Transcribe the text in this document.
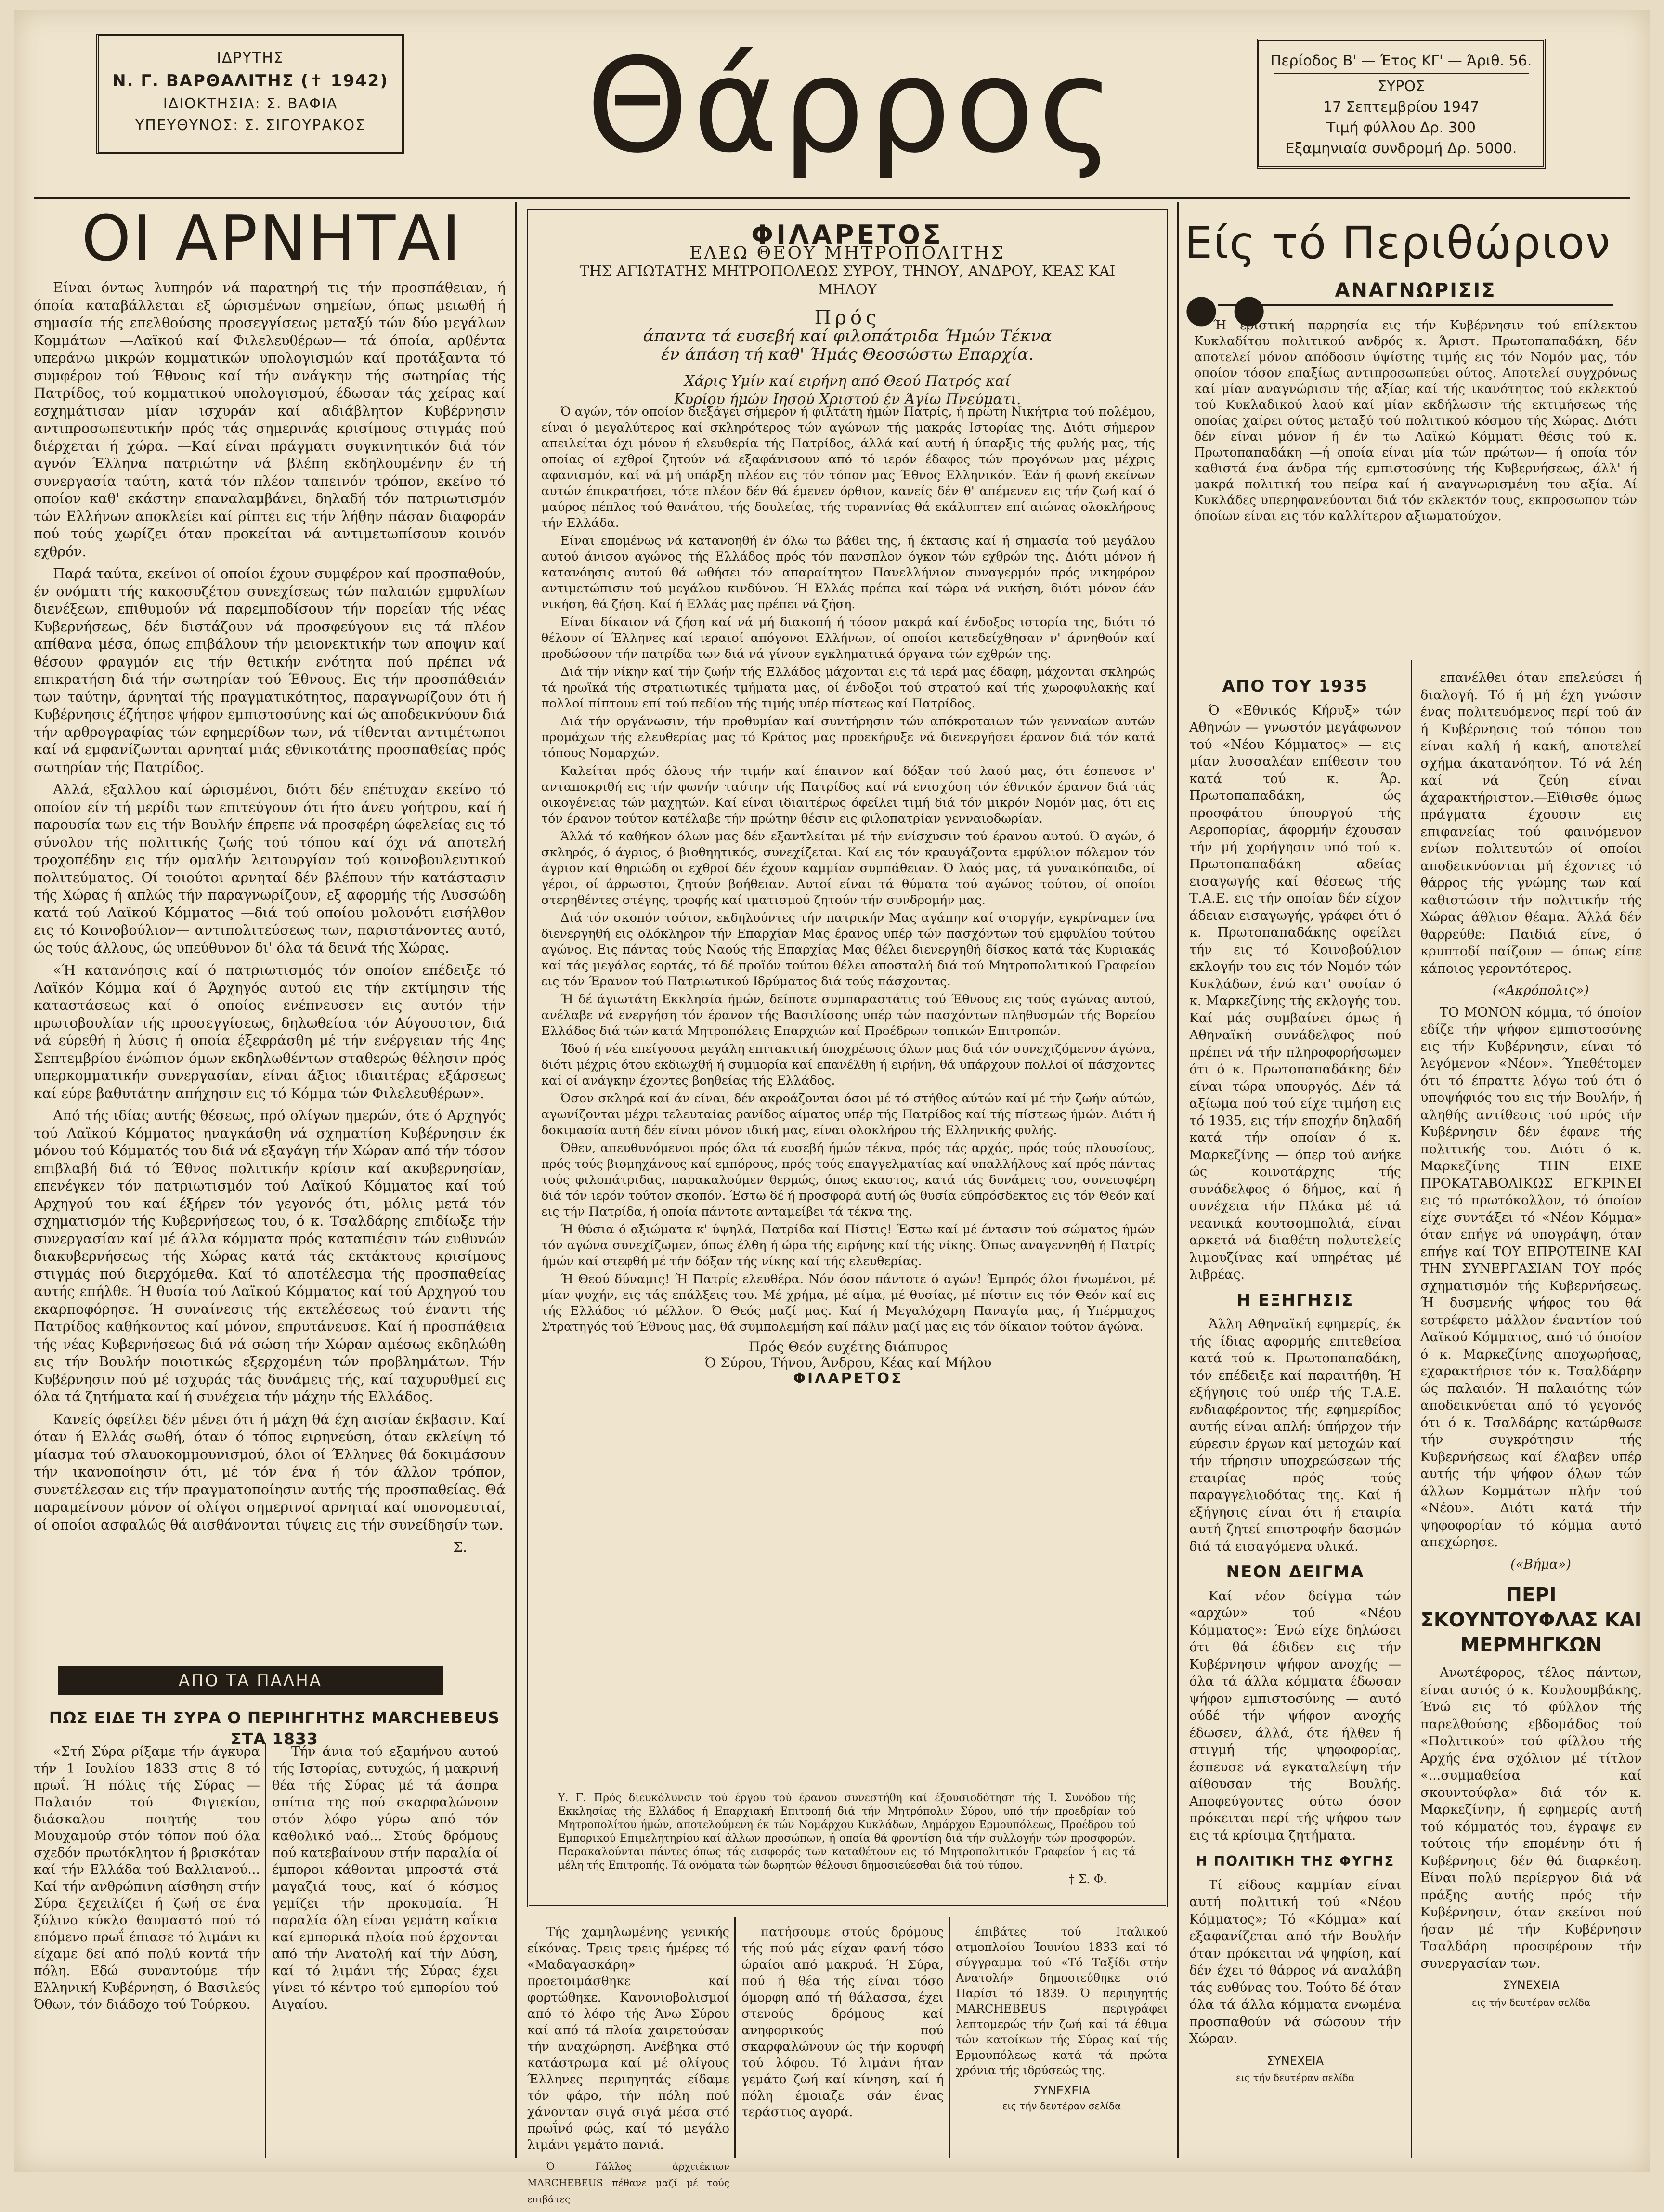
ΙΔΡΥΤΗΣ
Ν. Γ. ΒΑΡΘΑΛΙΤΗΣ (✝ 1942)
ΙΔΙΟΚΤΗΣΙΑ: Σ. ΒΑΦΙΑ
ΥΠΕΥΘΥΝΟΣ: Σ. ΣΙΓΟΥΡΑΚΟΣ	Θάρρος	Περίοδος Β' — Έτος ΚΓ' — Άριθ. 56.
ΣΥΡΟΣ
17 Σεπτεμβρίου 1947
Τιμή φύλλου Δρ. 300
Εξαμηνιαία συνδρομή Δρ. 5000.
ΟΙ ΑΡΝΗΤΑΙ

Είναι όντως λυπηρόν νά παρατηρή τις τήν προσπάθειαν, ή όποία καταβάλλεται εξ ώρισμένων σημείων, όπως μειωθή ή σημασία τής επελθούσης προσεγγίσεως μεταξύ τών δύο μεγάλων Κομμάτων —Λαϊκού καί Φιλελευθέρων— τά όποία, αρθέντα υπεράνω μικρών κομματικών υπολογισμών καί προτάξαντα τό συμφέρον τού Έθνους καί τήν ανάγκην τής σωτηρίας τής Πατρίδος, τού κομματικού υπολογισμού, έδωσαν τάς χείρας καί εσχημάτισαν μίαν ισχυράν καί αδιάβλητον Κυβέρνησιν αντιπροσωπευτικήν πρός τάς σημερινάς κρισίμους στιγμάς πού διέρχεται ή χώρα. —Καί είναι πράγματι συγκινητικόν διά τόν αγνόν Έλληνα πατριώτην νά βλέπη εκδηλουμένην έν τή συνεργασία ταύτη, κατά τόν πλέον ταπεινόν τρόπον, εκείνο τό οποίον καθ' εκάστην επαναλαμβάνει, δηλαδή τόν πατριωτισμόν τών Ελλήνων αποκλείει καί ρίπτει εις τήν λήθην πάσαν διαφοράν πού τούς χωρίζει όταν προκείται νά αντιμετωπίσουν κοινόν εχθρόν.

Παρά ταύτα, εκείνοι οί οποίοι έχουν συμφέρον καί προσπαθούν, έν ονόματι τής κακοσυζέτου συνεχίσεως τών παλαιών εμφυλίων διενέξεων, επιθυμούν νά παρεμποδίσουν τήν πορείαν τής νέας Κυβερνήσεως, δέν διστάζουν νά προσφεύγουν εις τά πλέον απίθανα μέσα, όπως επιβάλουν τήν μειονεκτικήν των αποψιν καί θέσουν φραγμόν εις τήν θετικήν ενότητα πού πρέπει νά επικρατήση διά τήν σωτηρίαν τού Έθνους. Εις τήν προσπάθειάν των ταύτην, άρνηταί τής πραγματικότητος, παραγνωρίζουν ότι ή Κυβέρνησις έζήτησε ψήφον εμπιστοσύνης καί ώς αποδεικνύουν διά τήν αρθρογραφίας τών εφημερίδων των, νά τίθενται αντιμέτωποι καί νά εμφανίζωνται αρνηταί μιάς εθνικοτάτης προσπαθείας πρός σωτηρίαν τής Πατρίδος.

Αλλά, εξαλλου καί ώρισμένοι, διότι δέν επέτυχαν εκείνο τό οποίον είν τή μερίδι των επιτεύγουν ότι ήτο άνευ γοήτρου, καί ή παρουσία των εις τήν Βουλήν έπρεπε νά προσφέρη ώφελείας εις τό σύνολον τής πολιτικής ζωής τού τόπου καί όχι νά αποτελή τροχοπέδην εις τήν ομαλήν λειτουργίαν τού κοινοβουλευτικού πολιτεύματος. Οί τοιούτοι αρνηταί δέν βλέπουν τήν κατάστασιν τής Χώρας ή απλώς τήν παραγνωρίζουν, εξ αφορμής τής Λυσσώδη κατά τού Λαϊκού Κόμματος —διά τού οποίου μολονότι εισήλθον εις τό Κοινοβούλιον— αντιπολιτεύσεως των, παριστάνοντες αυτό, ώς τούς άλλους, ώς υπεύθυνον δι' όλα τά δεινά τής Χώρας.

«Ή κατανόησις καί ό πατριωτισμός τόν οποίον επέδειξε τό Λαϊκόν Κόμμα καί ό Άρχηγός αυτού εις τήν εκτίμησιν τής καταστάσεως καί ό οποίος ενέπνευσεν εις αυτόν τήν πρωτοβουλίαν τής προσεγγίσεως, δηλωθείσα τόν Αύγουστον, διά νά εύρεθή ή λύσις ή οποία έξεφράσθη μέ τήν ενέργειαν τής 4ης Σεπτεμβρίου ένώπιον όμων εκδηλωθέντων σταθερώς θέλησιν πρός υπερκομματικήν συνεργασίαν, είναι άξιος ιδιαιτέρας εξάρσεως καί εύρε βαθυτάτην απήχησιν εις τό Κόμμα τών Φιλελευθέρων».

Από τής ιδίας αυτής θέσεως, πρό ολίγων ημερών, ότε ό Αρχηγός τού Λαϊκού Κόμματος ηναγκάσθη νά σχηματίση Κυβέρνησιν έκ μόνου τού Κόμματός του διά νά εξαγάγη τήν Χώραν από τήν τόσον επιβλαβή διά τό Έθνος πολιτικήν κρίσιν καί ακυβερνησίαν, επενέγκεν τόν πατριωτισμόν τού Λαϊκού Κόμματος καί τού Αρχηγού του καί έξήρεν τόν γεγονός ότι, μόλις μετά τόν σχηματισμόν τής Κυβερνήσεως του, ό κ. Τσαλδάρης επιδίωξε τήν συνεργασίαν καί μέ άλλα κόμματα πρός καταπιέσιν τών ευθυνών διακυβερνήσεως τής Χώρας κατά τάς εκτάκτους κρισίμους στιγμάς πού διερχόμεθα. Καί τό αποτέλεσμα τής προσπαθείας αυτής επήλθε. Ή θυσία τού Λαϊκού Κόμματος καί τού Αρχηγού του εκαρποφόρησε. Ή συναίνεσις τής εκτελέσεως τού έναντι τής Πατρίδος καθήκοντος καί μόνον, επρυτάνευσε. Καί ή προσπάθεια τής νέας Κυβερνήσεως διά νά σώση τήν Χώραν αμέσως εκδηλώθη εις τήν Βουλήν ποιοτικώς εξερχομένη τών προβλημάτων. Τήν Κυβέρνησιν πού μέ ισχυράς τάς δυνάμεις τής, καί ταχυρυθμεί εις όλα τά ζητήματα καί ή συνέχεια τήν μάχην τής Ελλάδος.

Κανείς όφείλει δέν μένει ότι ή μάχη θά έχη αισίαν έκβασιν. Καί όταν ή Ελλάς σωθή, όταν ό τόπος ειρηνεύση, όταν εκλείψη τό μίασμα τού σλαυοκομμουνισμού, όλοι οί Έλληνες θά δοκιμάσουν τήν ικανοποίησιν ότι, μέ τόν ένα ή τόν άλλον τρόπον, συνετέλεσαν εις τήν πραγματοποίησιν αυτής τής προσπαθείας. Θά παραμείνουν μόνον οί ολίγοι σημερινοί αρνηταί καί υπονομευταί, οί οποίοι ασφαλώς θά αισθάνονται τύψεις εις τήν συνείδησίν των.

Σ.
ΑΠΟ ΤΑ ΠΑΛΗΑ
ΠΩΣ ΕΙΔΕ ΤΗ ΣΥΡΑ Ο ΠΕΡΙΗΓΗΤΗΣ MARCHEBEUS ΣΤΑ 1833

«Στή Σύρα ρίξαμε τήν άγκυρα τήν 1 Ιουλίου 1833 στις 8 τό πρωΐ. Ή πόλις τής Σύρας —Παλαιόν τού Φιγιεκίου, διάσκαλου ποιητής του Μουχαμούρ στόν τόπον πού όλα σχεδόν πρωτόκλητον ή βρισκόταν καί τήν Ελλάδα τού Βαλλιανού... Καί τήν ανθρώπινη αίσθηση στήν Σύρα ξεχειλίζει ή ζωή σε ένα ξύλινο κύκλο θαυμαστό πού τό επόμενο πρωΐ έπιασε τό λιμάνι κι είχαμε δεί από πολύ κοντά τήν πόλη. Εδώ συναντούμε τήν Ελληνική Κυβέρνηση, ό Βασιλεύς Όθων, τόν διάδοχο τού Τούρκου.

Τήν άνια τού εξαμήνου αυτού τής Ιστορίας, ευτυχώς, ή μακρινή θέα τής Σύρας μέ τά άσπρα σπίτια της πού σκαρφαλώνουν στόν λόφο γύρω από τόν καθολικό ναό... Στούς δρόμους πού κατεβαίνουν στήν παραλία οί έμποροι κάθονται μπροστά στά μαγαζιά τους, καί ό κόσμος γεμίζει τήν προκυμαία. Ή παραλία όλη είναι γεμάτη καΐκια καί εμπορικά πλοία πού έρχονται από τήν Ανατολή καί τήν Δύση, καί τό λιμάνι τής Σύρας έχει γίνει τό κέντρο τού εμπορίου τού Αιγαίου.

ΦΙΛΑΡΕΤΟΣ
ΕΛΕΩ ΘΕΟΥ ΜΗΤΡΟΠΟΛΙΤΗΣ
ΤΗΣ ΑΓΙΩΤΑΤΗΣ ΜΗΤΡΟΠΟΛΕΩΣ ΣΥΡΟΥ, ΤΗΝΟΥ, ΑΝΔΡΟΥ, ΚΕΑΣ ΚΑΙ ΜΗΛΟΥ
Πρός
άπαντα τά ευσεβή καί φιλοπάτριδα Ήμών Τέκνα
έν άπάση τή καθ' Ήμάς Θεοσώστω Επαρχία.
Χάρις Υμίν καί ειρήνη από Θεού Πατρός καί
Κυρίου ήμών Ιησού Χριστού έν Άγίω Πνεύματι.

Ό αγών, τόν οποίον διεξάγει σήμερον ή φιλτάτη ήμών Πατρίς, ή πρώτη Νικήτρια τού πολέμου, είναι ό μεγαλύτερος καί σκληρότερος τών αγώνων τής μακράς Ιστορίας της. Διότι σήμερον απειλείται όχι μόνον ή ελευθερία τής Πατρίδος, άλλά καί αυτή ή ύπαρξις τής φυλής μας, τής οποίας οί εχθροί ζητούν νά εξαφάνισουν από τό ιερόν έδαφος τών προγόνων μας μέχρις αφανισμόν, καί νά μή υπάρξη πλέον εις τόν τόπον μας Έθνος Ελληνικόν. Έάν ή φωνή εκείνων αυτών έπικρατήσει, τότε πλέον δέν θά έμενεν όρθιον, κανείς δέν θ' απέμενεν εις τήν ζωή καί ό μαύρος πέπλος τού θανάτου, τής δουλείας, τής τυραννίας θά εκάλυπτεν επί αιώνας ολοκλήρους τήν Ελλάδα.

Είναι επομένως νά κατανοηθή έν όλω τω βάθει της, ή έκτασις καί ή σημασία τού μεγάλου αυτού άνισου αγώνος τής Ελλάδος πρός τόν πανσπλον όγκον τών εχθρών της. Διότι μόνον ή κατανόησις αυτού θά ωθήσει τόν απαραίτητον Πανελλήνιον συναγερμόν πρός νικηφόρον αντιμετώπισιν τού μεγάλου κινδύνου. Ή Ελλάς πρέπει καί τώρα νά νικήση, διότι μόνον έάν νικήση, θά ζήση. Καί ή Ελλάς μας πρέπει νά ζήση.

Είναι δίκαιον νά ζήση καί νά μή διακοπή ή τόσον μακρά καί ένδοξος ιστορία της, διότι τό θέλουν οί Έλληνες καί ιεραιοί απόγονοι Ελλήνων, οί οποίοι κατεδείχθησαν ν' άρνηθούν καί προδώσουν τήν πατρίδα των διά νά γίνουν εγκληματικά όργανα τών εχθρών της.

Διά τήν νίκην καί τήν ζωήν τής Ελλάδος μάχονται εις τά ιερά μας έδαφη, μάχονται σκληρώς τά ηρωϊκά τής στρατιωτικές τμήματα μας, οί ένδοξοι τού στρατού καί τής χωροφυλακής καί πολλοί πίπτουν επί τού πεδίου τής τιμής υπέρ πίστεως καί Πατρίδος.

Διά τήν οργάνωσιν, τήν προθυμίαν καί συντήρησιν τών απόκροταιων τών γενναίων αυτών προμάχων τής ελευθερίας μας τό Κράτος μας προεκήρυξε νά διενεργήσει έρανον διά τόν κατά τόπους Νομαρχών.

Καλείται πρός όλους τήν τιμήν καί έπαινον καί δόξαν τού λαού μας, ότι έσπευσε ν' ανταποκριθή εις τήν φωνήν ταύτην τής Πατρίδος καί νά ενισχύση τόν έθνικόν έρανον διά τάς οικογένειας τών μαχητών. Καί είναι ιδιαιτέρως όφείλει τιμή διά τόν μικρόν Νομόν μας, ότι εις τόν έρανον τούτον κατέλαβε τήν πρώτην θέσιν εις φιλοπατρίαν γενναιοδωρίαν.

Άλλά τό καθήκον όλων μας δέν εξαντλείται μέ τήν ενίσχυσιν τού έρανου αυτού. Ό αγών, ό σκληρός, ό άγριος, ό βιοθηητικός, συνεχίζεται. Καί εις τόν κραυγάζοντα εμφύλιον πόλεμον τόν άγριον καί θηριώδη οι εχθροί δέν έχουν καμμίαν συμπάθειαν. Ό λαός μας, τά γυναικόπαιδα, οί γέροι, οί άρρωστοι, ζητούν βοήθειαν. Αυτοί είναι τά θύματα τού αγώνος τούτου, οί οποίοι στερηθέντες στέγης, τροφής καί ιματισμού ζητούν τήν συνδρομήν μας.

Διά τόν σκοπόν τούτον, εκδηλούντες τήν πατρικήν Μας αγάπην καί στοργήν, εγκρίναμεν ίνα διενεργηθή εις ολόκληρον τήν Επαρχίαν Μας έρανος υπέρ τών πασχόντων τού εμφυλίου τούτου αγώνος. Εις πάντας τούς Ναούς τής Επαρχίας Μας θέλει διενεργηθή δίσκος κατά τάς Κυριακάς καί τάς μεγάλας εορτάς, τό δέ προϊόν τούτου θέλει αποσταλή διά τού Μητροπολιτικού Γραφείου εις τόν Έρανον τού Πατριωτικού Ιδρύματος διά τούς πάσχοντας.

Ή δέ άγιωτάτη Εκκλησία ήμών, δείποτε συμπαραστάτις τού Έθνους εις τούς αγώνας αυτού, ανέλαβε νά ενεργήση τόν έρανον τής Βασιλίσσης υπέρ τών πασχόντων πληθυσμών τής Βορείου Ελλάδος διά τών κατά Μητροπόλεις Επαρχιών καί Προέδρων τοπικών Επιτροπών.

Ίδού ή νέα επείγουσα μεγάλη επιτακτική ύποχρέωσις όλων μας διά τόν συνεχιζόμενον άγώνα, διότι μέχρις ότου εκδιωχθή ή συμμορία καί επανέλθη ή ειρήνη, θά υπάρχουν πολλοί οί πάσχοντες καί οί ανάγκην έχοντες βοηθείας τής Ελλάδος.

Όσον σκληρά καί άν είναι, δέν ακροάζονται όσοι μέ τό στήθος αύτών καί μέ τήν ζωήν αύτών, αγωνίζονται μέχρι τελευταίας ρανίδος αίματος υπέρ τής Πατρίδος καί τής πίστεως ήμών. Διότι ή δοκιμασία αυτή δέν είναι μόνον ιδική μας, είναι ολοκλήρου τής Ελληνικής φυλής.

Όθεν, απευθυνόμενοι πρός όλα τά ευσεβή ήμών τέκνα, πρός τάς αρχάς, πρός τούς πλουσίους, πρός τούς βιομηχάνους καί εμπόρους, πρός τούς επαγγελματίας καί υπαλλήλους καί πρός πάντας τούς φιλοπάτριδας, παρακαλούμεν θερμώς, όπως εκαστος, κατά τάς δυνάμεις του, συνεισφέρη διά τόν ιερόν τούτον σκοπόν. Έστω δέ ή προσφορά αυτή ώς θυσία εύπρόσδεκτος εις τόν Θεόν καί εις τήν Πατρίδα, ή οποία πάντοτε ανταμείβει τά τέκνα της.

Ή θύσια ό αξιώματα κ' ύψηλά, Πατρίδα καί Πίστις! Έστω καί μέ έντασιν τού σώματος ήμών τόν αγώνα συνεχίζωμεν, όπως έλθη ή ώρα τής ειρήνης καί τής νίκης. Όπως αναγεννηθή ή Πατρίς ήμών καί στεφθή μέ τήν δόξαν τής νίκης καί τής ελευθερίας.

Ή Θεού δύναμις! Ή Πατρίς ελευθέρα. Νόν όσον πάντοτε ό αγών! Έμπρός όλοι ήνωμένοι, μέ μίαν ψυχήν, εις τάς επάλξεις του. Μέ χρήμα, μέ αίμα, μέ θυσίας, μέ πίστιν εις τόν Θεόν καί εις τής Ελλάδος τό μέλλον. Ό Θεός μαζί μας. Καί ή Μεγαλόχαρη Παναγία μας, ή Υπέρμαχος Στρατηγός τού Έθνους μας, θά συμπολεμήση καί πάλιν μαζί μας εις τόν δίκαιον τούτον άγώνα.

Πρός Θεόν ευχέτης διάπυρος
Ό Σύρου, Τήνου, Άνδρου, Κέας καί Μήλου
ΦΙΛΑΡΕΤΟΣ
Υ. Γ. Πρός διευκόλυνσιν τού έργου τού έρανου συνεστήθη καί έξουσιοδότηση τής Ί. Συνόδου τής Εκκλησίας τής Ελλάδος ή Επαρχιακή Επιτροπή διά τήν Μητρόπολιν Σύρου, υπό τήν προεδρίαν τού Μητροπολίτου ήμών, αποτελούμενη έκ τών Νομάρχου Κυκλάδων, Δημάρχου Ερμουπόλεως, Προέδρου τού Εμπορικού Επιμελητηρίου καί άλλων προσώπων, ή οποία θά φροντίση διά τήν συλλογήν τών προσφορών. Παρακαλούνται πάντες όπως τάς εισφοράς των καταθέτουν εις τό Μητροπολιτικόν Γραφείον ή εις τά μέλη τής Επιτροπής. Τά ονόματα τών δωρητών θέλουσι δημοσιεύεσθαι διά τού τύπου.
† Σ. Φ.

Τής χαμηλωμένης γενικής είκόνας. Τρεις τρεις ήμέρες τό «Μαδαγασκάρη» προετοιμάσθηκε καί φορτώθηκε. Κανονιοβολισμοί από τό λόφο τής Άνω Σύρου καί από τά πλοία χαιρετούσαν τήν αναχώρηση. Ανέβηκα στό κατάστρωμα καί μέ ολίγους Έλληνες περιηγητάς είδαμε τόν φάρο, τήν πόλη πού χάνονταν σιγά σιγά μέσα στό πρωΐνό φώς, καί τό μεγάλο λιμάνι γεμάτο πανιά.

Ό Γάλλος άρχιτέκτων MARCHEBEUS πέθανε μαζί μέ τούς επιβάτες

πατήσουμε στούς δρόμους τής πού μάς είχαν φανή τόσο ώραίοι από μακρυά. Ή Σύρα, πού ή θέα τής είναι τόσο όμορφη από τή θάλασσα, έχει στενούς δρόμους καί ανηφορικούς πού σκαρφαλώνουν ώς τήν κορυφή τού λόφου. Τό λιμάνι ήταν γεμάτο ζωή καί κίνηση, καί ή πόλη έμοιαζε σάν ένας τεράστιος αγορά.

έπιβάτες τού Ιταλικού ατμοπλοίου Ίουνίου 1833 καί τό σύγγραμμα τού «Τό Ταξίδι στήν Ανατολή» δημοσιεύθηκε στό Παρίσι τό 1839. Ό περιηγητής MARCHEBEUS περιγράφει λεπτομερώς τήν ζωή καί τά έθιμα τών κατοίκων τής Σύρας καί τής Ερμουπόλεως κατά τά πρώτα χρόνια τής ιδρύσεώς της.

ΣΥΝΕΧΕΙΑ
εις τήν δευτέραν σελίδα
Είς τό Περιθώριον ● ●	ΑΝΑΓΝΩΡΙΣΙΣ

Ή ερίστική παρρησία εις τήν Κυβέρνησιν τού επίλεκτου Κυκλαδίτου πολιτικού ανδρός κ. Άριστ. Πρωτοπαπαδάκη, δέν αποτελεί μόνον απόδοσιν ύψίστης τιμής εις τόν Νομόν μας, τόν οποίον τόσον επαξίως αντιπροσωπεύει ούτος. Αποτελεί συγχρόνως καί μίαν αναγνώρισιν τής αξίας καί τής ικανότητος τού εκλεκτού τού Κυκλαδικού λαού καί μίαν εκδήλωσιν τής εκτιμήσεως τής οποίας χαίρει ούτος μεταξύ τού πολιτικού κόσμου τής Χώρας. Διότι δέν είναι μόνον ή έν τω Λαϊκώ Κόμματι θέσις τού κ. Πρωτοπαπαδάκη —ή οποία είναι μία τών πρώτων— ή οποία τόν καθιστά ένα άνδρα τής εμπιστοσύνης τής Κυβερνήσεως, άλλ' ή μακρά πολιτική του πείρα καί ή αναγνωρισμένη του αξία. Αί Κυκλάδες υπερηφανεύονται διά τόν εκλεκτόν τους, εκπροσωπον τών όποίων είναι εις τόν καλλίτερον αξιωματούχον.

ΑΠΟ ΤΟΥ 1935

Ό «Εθνικός Κήρυξ» τών Αθηνών — γνωστόν μεγάφωνον τού «Νέου Κόμματος» — εις μίαν λυσσαλέαν επίθεσιν του κατά τού κ. Άρ. Πρωτοπαπαδάκη, ώς προσφάτου ύπουργού τής Αεροπορίας, άφορμήν έχουσαν τήν μή χορήγησιν υπό τού κ. Πρωτοπαπαδάκη αδείας εισαγωγής καί θέσεως τής Τ.Α.Ε. εις τήν οποίαν δέν είχον άδειαν εισαγωγής, γράφει ότι ό κ. Πρωτοπαπαδάκης οφείλει τήν εις τό Κοινοβούλιον εκλογήν του εις τόν Νομόν τών Κυκλάδων, ένώ κατ' ουσίαν ό κ. Μαρκεζίνης τής εκλογής του. Καί μάς συμβαίνει όμως ή Αθηναϊκή συνάδελφος πού πρέπει νά τήν πληροφορήσωμεν ότι ό κ. Πρωτοπαπαδάκης δέν είναι τώρα υπουργός. Δέν τά αξίωμα πού τού είχε τιμήση εις τό 1935, εις τήν εποχήν δηλαδή κατά τήν οποίαν ό κ. Μαρκεζίνης — όπερ τού ανήκε ώς κοινοτάρχης τής συνάδελφος ό δήμος, καί ή συνέχεια τήν Πλάκα μέ τά νεανικά κουτσομπολιά, είναι αρκετά νά διαθέτη πολυτελείς λιμουζίνας καί υπηρέτας μέ λιβρέας.

Η ΕΞΗΓΗΣΙΣ

Άλλη Αθηναϊκή εφημερίς, έκ τής ίδιας αφορμής επιτεθείσα κατά τού κ. Πρωτοπαπαδάκη, τόν επέδειξε καί παραιτήθη. Ή εξήγησις τού υπέρ τής Τ.Α.Ε. ενδιαφέροντος τής εφημερίδος αυτής είναι απλή: ύπήρχον τήν εύρεσιν έργων καί μετοχών καί τήν τήρησιν υποχρεώσεων τής εταιρίας πρός τούς παραγγελιοδότας της. Καί ή εξήγησις είναι ότι ή εταιρία αυτή ζητεί επιστροφήν δασμών διά τά εισαγόμενα υλικά.

ΝΕΟΝ ΔΕΙΓΜΑ

Καί νέον δείγμα τών «αρχών» τού «Νέου Κόμματος»: Ένώ είχε δηλώσει ότι θά έδιδεν εις τήν Κυβέρνησιν ψήφον ανοχής — όλα τά άλλα κόμματα έδωσαν ψήφον εμπιστοσύνης — αυτό ούδέ τήν ψήφον ανοχής έδωσεν, άλλά, ότε ήλθεν ή στιγμή τής ψηφοφορίας, έσπευσε νά εγκαταλείψη τήν αίθουσαν τής Βουλής. Αποφεύγοντες ούτω όσον πρόκειται περί τής ψήφου των εις τά κρίσιμα ζητήματα.

Η ΠΟΛΙΤΙΚΗ ΤΗΣ ΦΥΓΗΣ

Τί είδους καμμίαν είναι αυτή πολιτική τού «Νέου Κόμματος»; Τό «Κόμμα» καί εξαφανίζεται από τήν Βουλήν όταν πρόκειται νά ψηφίση, καί δέν έχει τό θάρρος νά αναλάβη τάς ευθύνας του. Τούτο δέ όταν όλα τά άλλα κόμματα ενωμένα προσπαθούν νά σώσουν τήν Χώραν.

ΣΥΝΕΧΕΙΑ
εις τήν δευτέραν σελίδα

επανέλθει όταν επελεύσει ή διαλογή. Τό ή μή έχη γνώσιν ένας πολιτευόμενος περί τού άν ή Κυβέρνησις τού τόπου του είναι καλή ή κακή, αποτελεί σχήμα άκατανόητον. Τό νά λέη καί νά ζεύη είναι άχαρακτήριστον.—Εϊθισθε όμως πράγματα έχουσιν εις επιφανείας τού φαινόμενον ενίων πολιτευτών οί οποίοι αποδεικνύονται μή έχοντες τό θάρρος τής γνώμης των καί καθιστώσιν τήν πολιτικήν τής Χώρας άθλιον θέαμα. Άλλά δέν θαρρεύθε: Παιδιά είνε, ό κρυπτοδί παίζουν — όπως είπε κάποιος γεροντότερος.

(«Ακρόπολις»)

ΤΟ ΜΟΝΟΝ κόμμα, τό όποίον εδίζε τήν ψήφον εμπιστοσύνης εις τήν Κυβέρνησιν, είναι τό λεγόμενον «Νέον». Ύπεθέτομεν ότι τό έπραττε λόγω τού ότι ό υποψήφιός του εις τήν Βουλήν, ή αληθής αντίθεσις τού πρός τήν Κυβέρνησιν δέν έφανε τής πολιτικής του. Διότι ό κ. Μαρκεζίνης ΤΗΝ ΕΙΧΕ ΠΡΟΚΑΤΑΒΟΛΙΚΩΣ ΕΓΚΡΙΝΕΙ εις τό πρωτόκολλον, τό όποίον είχε συντάξει τό «Νέον Κόμμα» όταν επήγε νά υπογράψη, όταν επήγε καί ΤΟΥ ΕΠΡΟΤΕΙΝΕ ΚΑΙ ΤΗΝ ΣΥΝΕΡΓΑΣΙΑΝ ΤΟΥ πρός σχηματισμόν τής Κυβερνήσεως. Ή δυσμενής ψήφος του θά εστρέφετο μάλλον έναντίον τού Λαϊκού Κόμματος, από τό όποίον ό κ. Μαρκεζίνης αποχωρήσας, εχαρακτήρισε τόν κ. Τσαλδάρην ώς παλαιόν. Ή παλαιότης τών αποδεικνύεται από τό γεγονός ότι ό κ. Τσαλδάρης κατώρθωσε τήν συγκρότησιν τής Κυβερνήσεως καί έλαβεν υπέρ αυτής τήν ψήφον όλων τών άλλων Κομμάτων πλήν τού «Νέου». Διότι κατά τήν ψηφοφορίαν τό κόμμα αυτό απεχώρησε.

(«Βήμα»)

ΠΕΡΙ ΣΚΟΥΝΤΟΥΦΛΑΣ ΚΑΙ ΜΕΡΜΗΓΚΩΝ

Ανωτέφορος, τέλος πάντων, είναι αυτός ό κ. Κουλουμβάκης. Ένώ εις τό φύλλον τής παρελθούσης εβδομάδος τού «Πολιτικού» τού φίλλου τής Αρχής ένα σχόλιον μέ τίτλον «...συμμαθείσα καί σκουντούφλα» διά τόν κ. Μαρκεζίνην, ή εφημερίς αυτή τού κόμματός του, έγραψε εν τούτοις τήν επομένην ότι ή Κυβέρνησις δέν θά διαρκέση. Είναι πολύ περίεργον διά νά πράξης αυτής πρός τήν Κυβέρνησιν, όταν εκείνοι πού ήσαν μέ τήν Κυβέρνησιν Τσαλδάρη προσφέρουν τήν συνεργασίαν των.

ΣΥΝΕΧΕΙΑ
εις τήν δευτέραν σελίδα
